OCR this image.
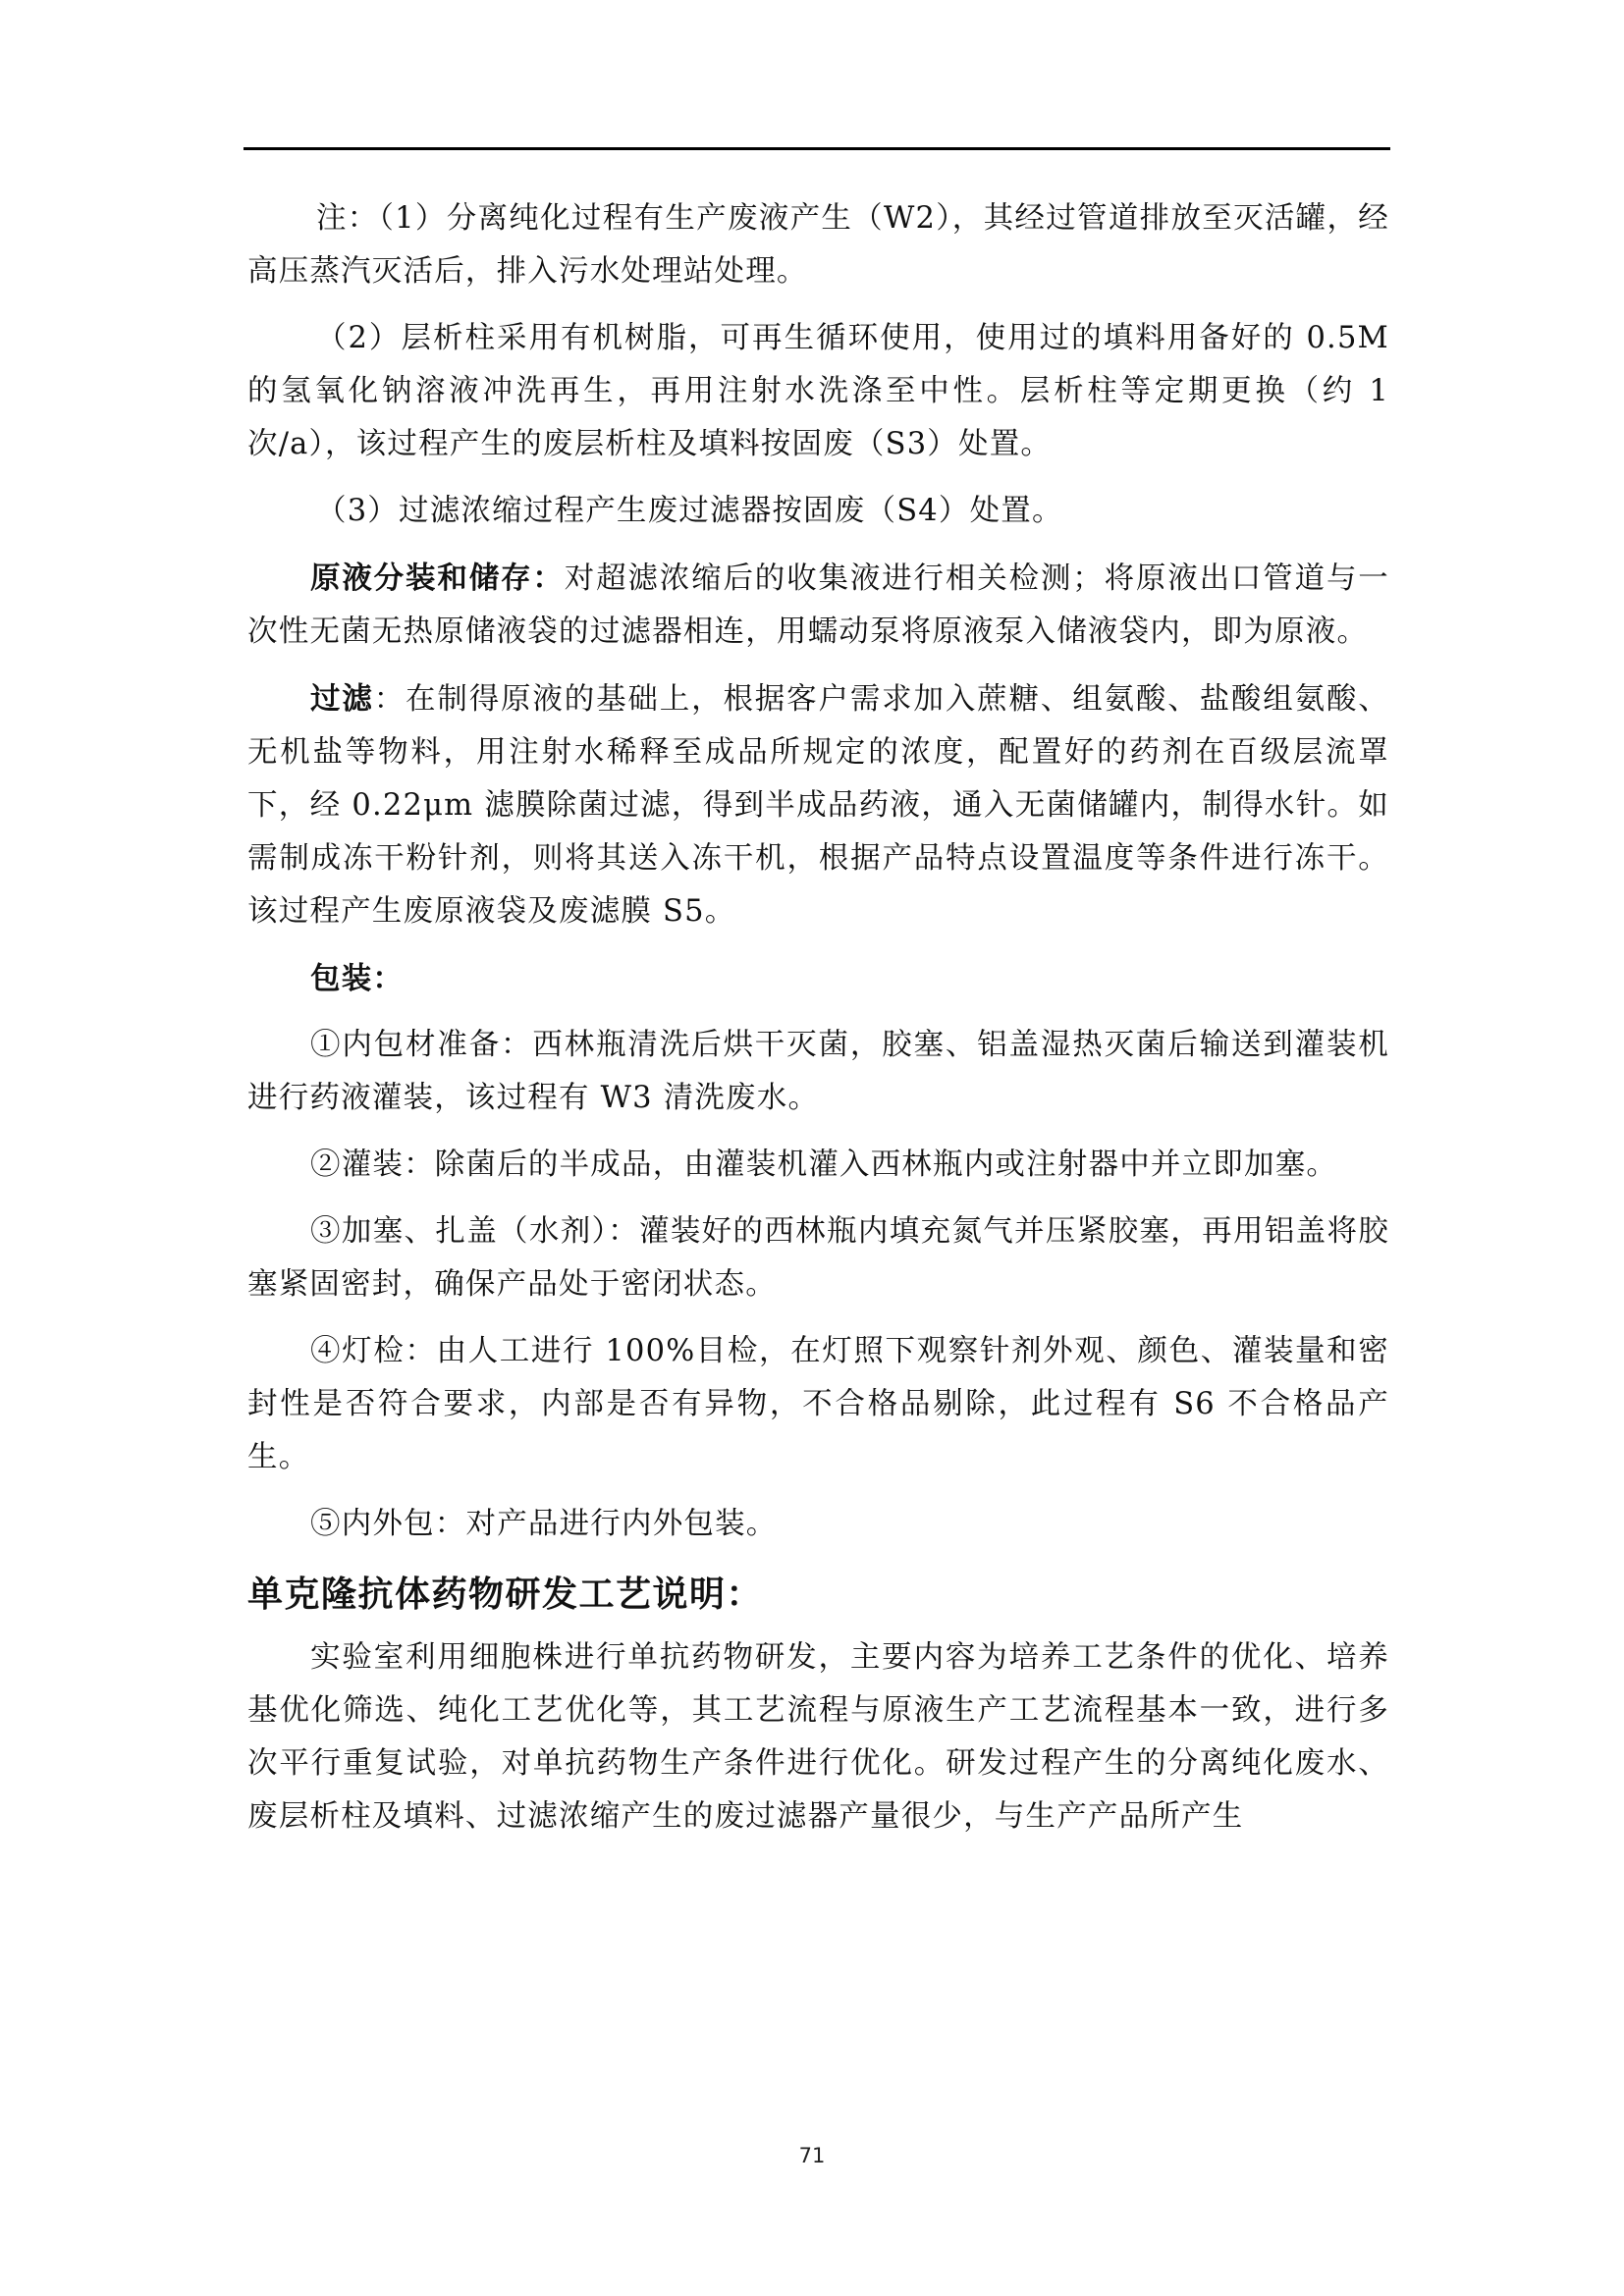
注：（1）分离纯化过程有生产废液产生（W2），其经过管道排放至灭活罐，经高压蒸汽灭活后，排入污水处理站处理。

（2）层析柱采用有机树脂，可再生循环使用，使用过的填料用备好的 0.5M 的氢氧化钠溶液冲洗再生，再用注射水洗涤至中性。层析柱等定期更换（约 1 次/a），该过程产生的废层析柱及填料按固废（S3）处置。

（3）过滤浓缩过程产生废过滤器按固废（S4）处置。

原液分装和储存：对超滤浓缩后的收集液进行相关检测；将原液出口管道与一次性无菌无热原储液袋的过滤器相连，用蠕动泵将原液泵入储液袋内，即为原液。

过滤：在制得原液的基础上，根据客户需求加入蔗糖、组氨酸、盐酸组氨酸、无机盐等物料，用注射水稀释至成品所规定的浓度，配置好的药剂在百级层流罩下，经 0.22μm 滤膜除菌过滤，得到半成品药液，通入无菌储罐内，制得水针。如需制成冻干粉针剂，则将其送入冻干机，根据产品特点设置温度等条件进行冻干。该过程产生废原液袋及废滤膜 S5。

包装：

①内包材准备：西林瓶清洗后烘干灭菌，胶塞、铝盖湿热灭菌后输送到灌装机进行药液灌装，该过程有 W3 清洗废水。

②灌装：除菌后的半成品，由灌装机灌入西林瓶内或注射器中并立即加塞。

③加塞、扎盖（水剂）：灌装好的西林瓶内填充氮气并压紧胶塞，再用铝盖将胶塞紧固密封，确保产品处于密闭状态。

④灯检：由人工进行 100%目检，在灯照下观察针剂外观、颜色、灌装量和密封性是否符合要求，内部是否有异物，不合格品剔除，此过程有 S6 不合格品产生。

⑤内外包：对产品进行内外包装。

单克隆抗体药物研发工艺说明：

实验室利用细胞株进行单抗药物研发，主要内容为培养工艺条件的优化、培养基优化筛选、纯化工艺优化等，其工艺流程与原液生产工艺流程基本一致，进行多次平行重复试验，对单抗药物生产条件进行优化。研发过程产生的分离纯化废水、废层析柱及填料、过滤浓缩产生的废过滤器产量很少，与生产产品所产生

71
